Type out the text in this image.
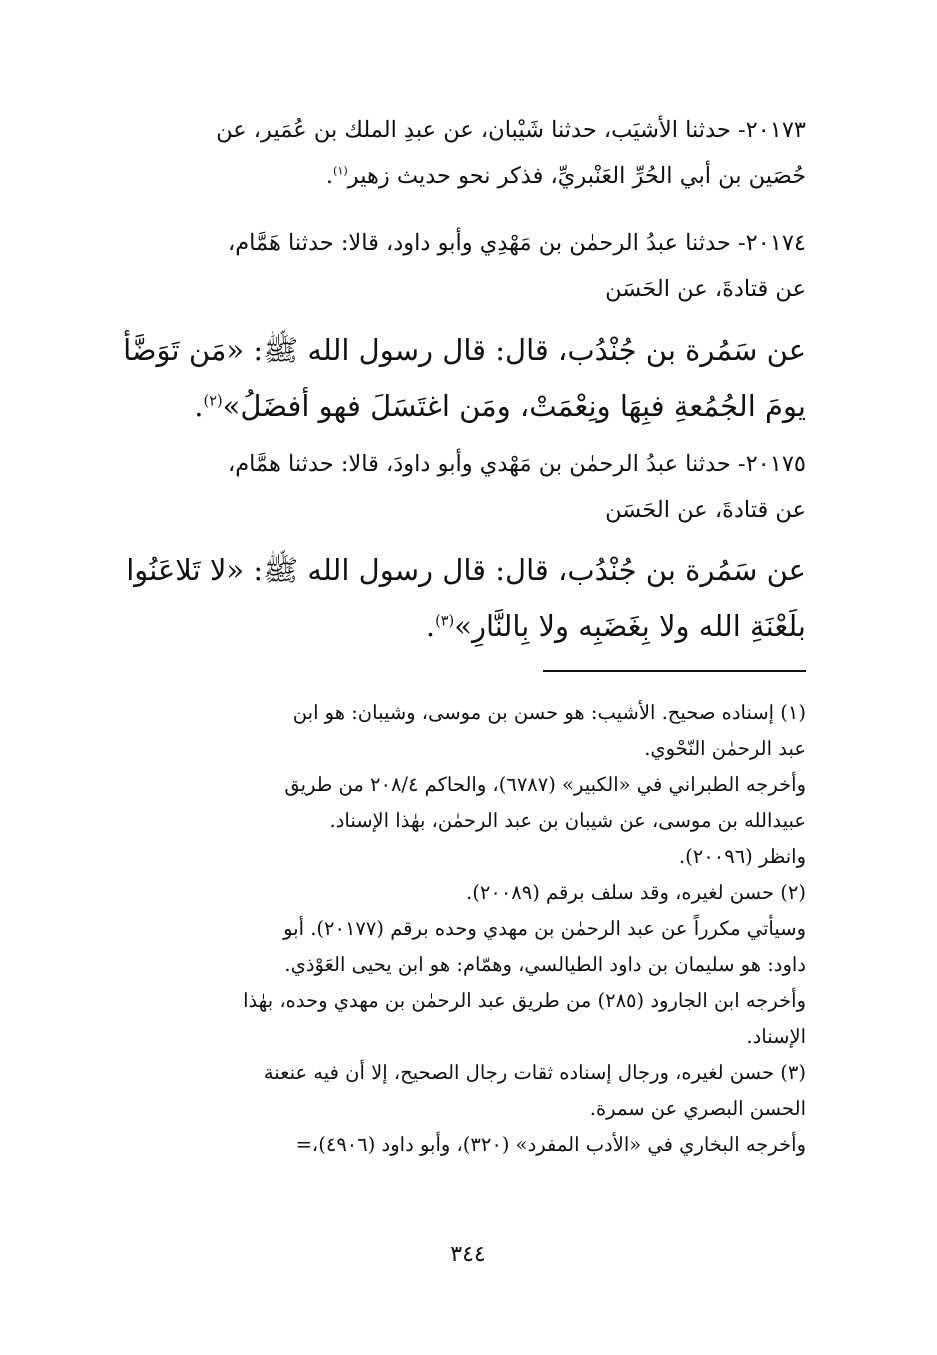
٢٠١٧٣- حدثنا الأشيَب، حدثنا شَيْبان، عن عبدِ الملك بن عُمَير، عن

حُصَين بن أبي الحُرِّ العَنْبريِّ، فذكر نحو حديث زهير$^{(١)}$.

٢٠١٧٤- حدثنا عبدُ الرحمٰن بن مَهْدِي وأبو داود، قالا: حدثنا هَمَّام،

عن قتادةَ، عن الحَسَن

عن سَمُرة بن جُنْدُب، قال: قال رسول الله ﷺ: «مَن تَوَضَّأ

يومَ الجُمُعةِ فبِهَا ونِعْمَتْ، ومَن اغتَسَلَ فهو أفضَلُ»$^{(٢)}$.

٢٠١٧٥- حدثنا عبدُ الرحمٰن بن مَهْدي وأبو داودَ، قالا: حدثنا همَّام،

عن قتادةَ، عن الحَسَن

عن سَمُرة بن جُنْدُب، قال: قال رسول الله ﷺ: «لا تَلاعَنُوا

بلَعْنَةِ الله ولا بِغَضَبِه ولا بِالنَّارِ»$^{(٣)}$.

(١) إسناده صحيح. الأشيب: هو حسن بن موسى، وشيبان: هو ابن

عبد الرحمٰن النّحْوي.

وأخرجه الطبراني في «الكبير» (٦٧٨٧)، والحاكم ٢٠٨/٤ من طريق

عبيدالله بن موسى، عن شيبان بن عبد الرحمٰن، بهٰذا الإسناد.

وانظر (٢٠٠٩٦).

(٢) حسن لغيره، وقد سلف برقم (٢٠٠٨٩).

وسيأتي مكرراً عن عبد الرحمٰن بن مهدي وحده برقم (٢٠١٧٧). أبو

داود: هو سليمان بن داود الطيالسي، وهمّام: هو ابن يحيى العَوْذي.

وأخرجه ابن الجارود (٢٨٥) من طريق عبد الرحمٰن بن مهدي وحده، بهٰذا

الإسناد.

(٣) حسن لغيره، ورجال إسناده ثقات رجال الصحيح، إلا أن فيه عنعنة

الحسن البصري عن سمرة.

وأخرجه البخاري في «الأدب المفرد» (٣٢٠)، وأبو داود (٤٩٠٦)،=

٣٤٤
